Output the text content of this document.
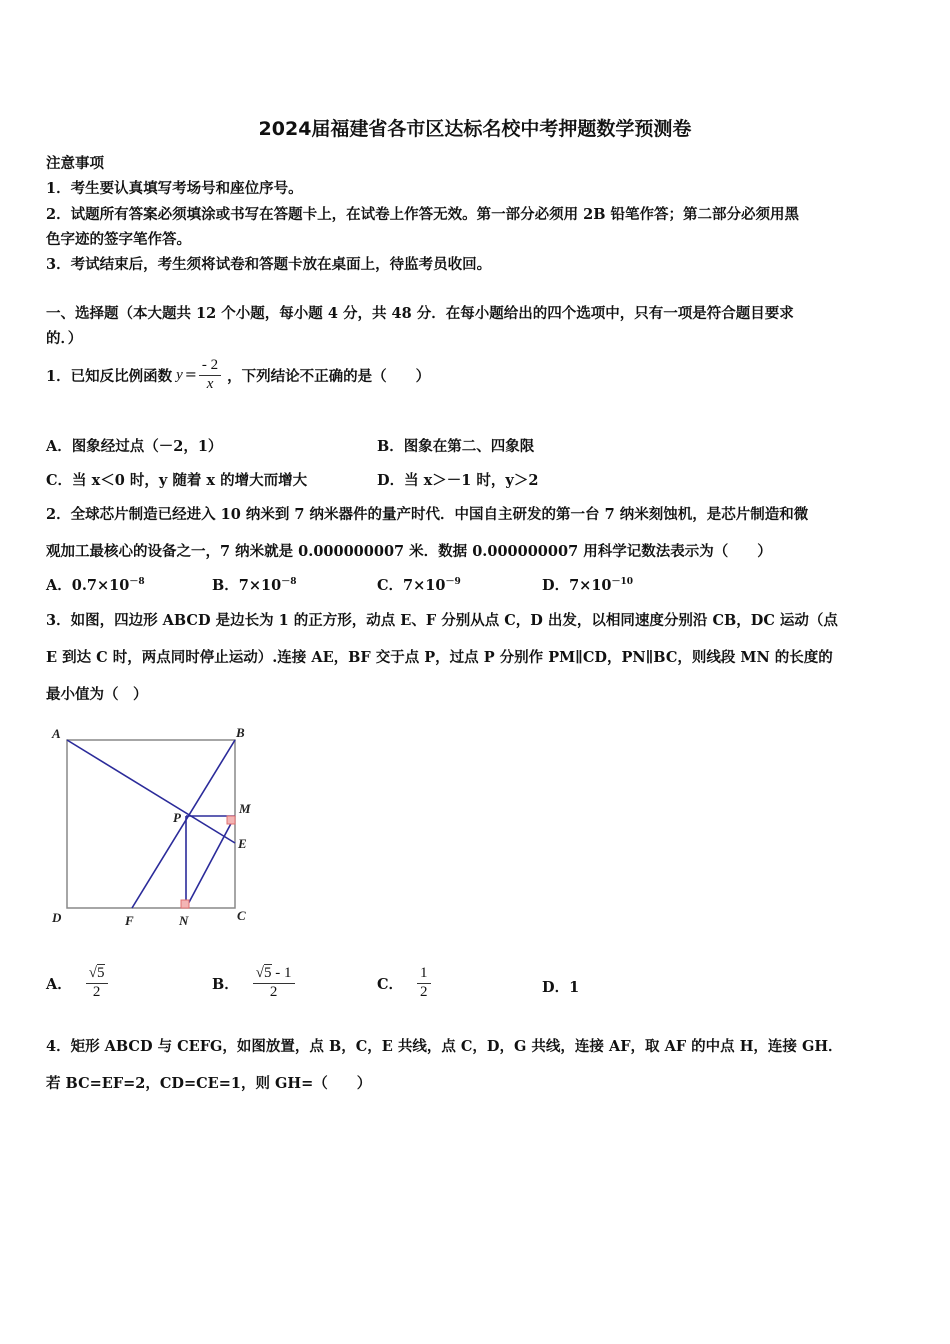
2024届福建省各市区达标名校中考押题数学预测卷
注意事项
1．考生要认真填写考场号和座位序号。
2．试题所有答案必须填涂或书写在答题卡上，在试卷上作答无效。第一部分必须用 2B 铅笔作答；第二部分必须用黑
色字迹的签字笔作答。
3．考试结束后，考生须将试卷和答题卡放在桌面上，待监考员收回。
一、选择题（本大题共 12 个小题，每小题 4 分，共 48 分．在每小题给出的四个选项中，只有一项是符合题目要求
的．）
1．已知反比例函数 $y = \frac{- 2}{x}$ ，下列结论不正确的是（　　）
A．图象经过点（－2，1）	B．图象在第二、四象限
C．当 x＜0 时，y 随着 x 的增大而增大	D．当 x＞－1 时，y＞2
2．全球芯片制造已经进入 10 纳米到 7 纳米器件的量产时代．中国自主研发的第一台 7 纳米刻蚀机，是芯片制造和微
观加工最核心的设备之一，7 纳米就是 0.000000007 米．数据 0.000000007 用科学记数法表示为（　　）
A．$0.7\times 10^{-8}$	B．$7\times 10^{-8}$	C．$7\times 10^{-9}$	D．$7\times 10^{-10}$
3．如图，四边形 ABCD 是边长为 1 的正方形，动点 E、F 分别从点 C，D 出发，以相同速度分别沿 CB，DC 运动（点
E 到达 C 时，两点同时停止运动）.连接 AE，BF 交于点 P，过点 P 分别作 PM∥CD，PN∥BC，则线段 MN 的长度的
最小值为（　）
A	B
C
D
E
F
M
N
P
A． $\frac{√5}{2}$	B． $\frac{√5 - 1}{2}$	C． $\frac{1}{2}$	D．1
4．矩形 ABCD 与 CEFG，如图放置，点 B，C，E 共线，点 C，D，G 共线，连接 AF，取 AF 的中点 H，连接 GH．
若 BC=EF=2，CD=CE=1，则 GH=（　　）
